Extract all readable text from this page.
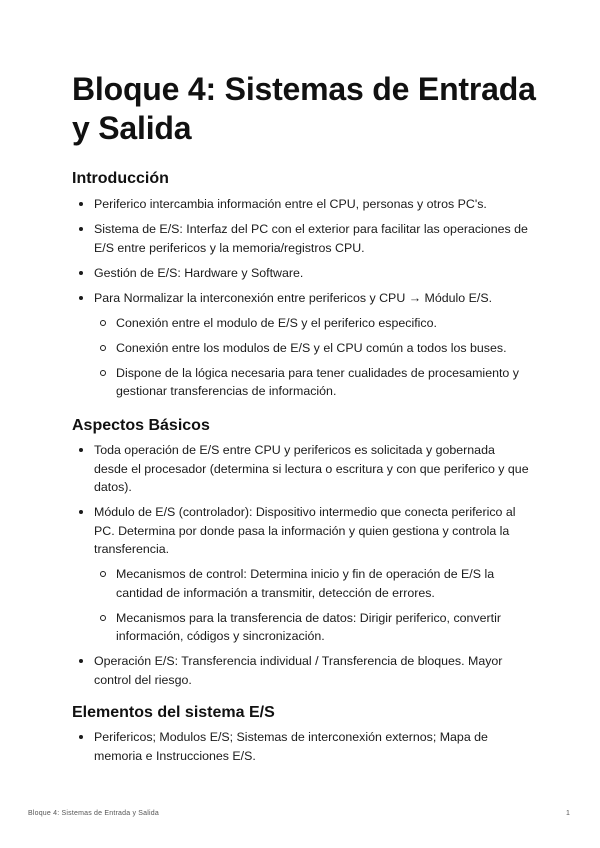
Bloque 4: Sistemas de Entrada y Salida
Introducción
Periferico intercambia información entre el CPU, personas y otros PC's.
Sistema de E/S: Interfaz del PC con el exterior para facilitar las operaciones de E/S entre perifericos y la memoria/registros CPU.
Gestión de E/S: Hardware y Software.
Para Normalizar la interconexión entre perifericos y CPU → Módulo E/S.
Conexión entre el modulo de E/S y el periferico especifico.
Conexión entre los modulos de E/S y el CPU común a todos los buses.
Dispone de la lógica necesaria para tener cualidades de procesamiento y gestionar transferencias de información.
Aspectos Básicos
Toda operación de E/S entre CPU y perifericos es solicitada y gobernada desde el procesador (determina si lectura o escritura y con que periferico y que datos).
Módulo de E/S (controlador): Dispositivo intermedio que conecta periferico al PC. Determina por donde pasa la información y quien gestiona y controla la transferencia.
Mecanismos de control: Determina inicio y fin de operación de E/S la cantidad de información a transmitir, detección de errores.
Mecanismos para la transferencia de datos: Dirigir periferico, convertir información, códigos y sincronización.
Operación E/S: Transferencia individual / Transferencia de bloques. Mayor control del riesgo.
Elementos del sistema E/S
Perifericos; Modulos E/S; Sistemas de interconexión externos; Mapa de memoria e Instrucciones E/S.
Bloque 4: Sistemas de Entrada y Salida	1
